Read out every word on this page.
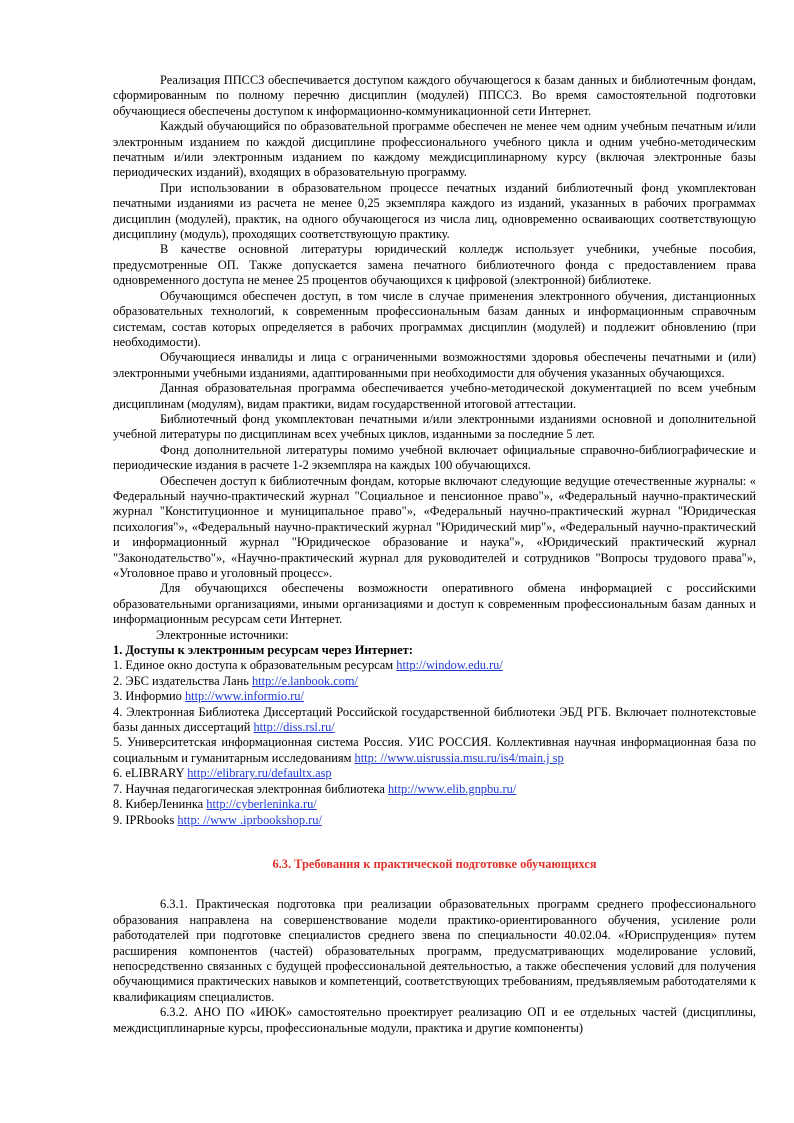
Реализация ППССЗ обеспечивается доступом каждого обучающегося к базам данных и библиотечным фондам, сформированным по полному перечню дисциплин (модулей) ППССЗ. Во время самостоятельной подготовки обучающиеся обеспечены доступом к информационно-коммуникационной сети Интернет.

Каждый обучающийся по образовательной программе обеспечен не менее чем одним учебным печатным и/или электронным изданием по каждой дисциплине профессионального учебного цикла и одним учебно-методическим печатным и/или электронным изданием по каждому междисциплинарному курсу (включая электронные базы периодических изданий), входящих в образовательную программу.

При использовании в образовательном процессе печатных изданий библиотечный фонд укомплектован печатными изданиями из расчета не менее 0,25 экземпляра каждого из изданий, указанных в рабочих программах дисциплин (модулей), практик, на одного обучающегося из числа лиц, одновременно осваивающих соответствующую дисциплину (модуль), проходящих соответствующую практику.

В качестве основной литературы юридический колледж использует учебники, учебные пособия, предусмотренные ОП. Также допускается замена печатного библиотечного фонда с предоставлением права одновременного доступа не менее 25 процентов обучающихся к цифровой (электронной) библиотеке.

Обучающимся обеспечен доступ, в том числе в случае применения электронного обучения, дистанционных образовательных технологий, к современным профессиональным базам данных и информационным справочным системам, состав которых определяется в рабочих программах дисциплин (модулей) и подлежит обновлению (при необходимости).

Обучающиеся инвалиды и лица с ограниченными возможностями здоровья обеспечены печатными и (или) электронными учебными изданиями, адаптированными при необходимости для обучения указанных обучающихся.

Данная образовательная программа обеспечивается учебно-методической документацией по всем учебным дисциплинам (модулям), видам практики, видам государственной итоговой аттестации.

Библиотечный фонд укомплектован печатными и/или электронными изданиями основной и дополнительной учебной литературы по дисциплинам всех учебных циклов, изданными за последние 5 лет.

Фонд дополнительной литературы помимо учебной включает официальные справочно-библиографические и периодические издания в расчете 1-2 экземпляра на каждых 100 обучающихся.

Обеспечен доступ к библиотечным фондам, которые включают следующие ведущие отечественные журналы: « Федеральный научно-практический журнал "Социальное и пенсионное право"», «Федеральный научно-практический журнал "Конституционное и муниципальное право"», «Федеральный научно-практический журнал "Юридическая психология"», «Федеральный научно-практический журнал "Юридический мир"», «Федеральный научно-практический и информационный журнал "Юридическое образование и наука"», «Юридический практический журнал "Законодательство"», «Научно-практический журнал для руководителей и сотрудников "Вопросы трудового права"», «Уголовное право и уголовный процесс».

Для обучающихся обеспечены возможности оперативного обмена информацией с российскими образовательными организациями, иными организациями и доступ к современным профессиональным базам данных и информационным ресурсам сети Интернет.

Электронные источники:

1. Доступы к электронным ресурсам через Интернет:

1. Единое окно доступа к образовательным ресурсам http://window.edu.ru/
2. ЭБС издательства Лань http://e.lanbook.com/
3. Информио http://www.informio.ru/
4. Электронная Библиотека Диссертаций Российской государственной библиотеки ЭБД РГБ. Включает полнотекстовые базы данных диссертаций http://diss.rsl.ru/
5. Университетская информационная система Россия. УИС РОССИЯ. Коллективная научная информационная база по социальным и гуманитарным исследованиям http: //www.uisrussia.msu.ru/is4/main.j sp
6. eLIBRARY http://elibrary.ru/defaultx.asp
7. Научная педагогическая электронная библиотека http://www.elib.gnpbu.ru/
8. КиберЛенинка http://cyberleninka.ru/
9. IPRbooks http: //www .iprbookshop.ru/

6.3. Требования к практической подготовке обучающихся

6.3.1. Практическая подготовка при реализации образовательных программ среднего профессионального образования направлена на совершенствование модели практико-ориентированного обучения, усиление роли работодателей при подготовке специалистов среднего звена по специальности 40.02.04. «Юриспруденция» путем расширения компонентов (частей) образовательных программ, предусматривающих моделирование условий, непосредственно связанных с будущей профессиональной деятельностью, а также обеспечения условий для получения обучающимися практических навыков и компетенций, соответствующих требованиям, предъявляемым работодателями к квалификациям специалистов.

6.3.2. АНО ПО «ИЮК» самостоятельно проектирует реализацию ОП и ее отдельных частей (дисциплины, междисциплинарные курсы, профессиональные модули, практика и другие компоненты)
